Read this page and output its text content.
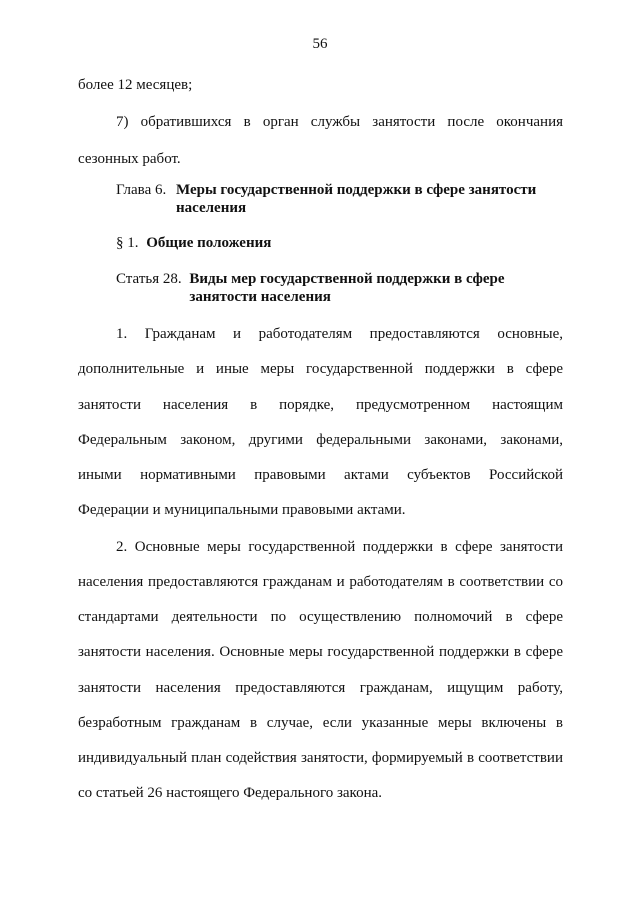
56
более 12 месяцев;
7) обратившихся в орган службы занятости после окончания
сезонных работ.
Глава 6. Меры государственной поддержки в сфере занятости
населения
§ 1. Общие положения
Статья 28. Виды мер государственной поддержки в сфере
занятости населения
1. Гражданам и работодателям предоставляются основные,
дополнительные и иные меры государственной поддержки в сфере
занятости населения в порядке, предусмотренном настоящим
Федеральным законом, другими федеральными законами, законами,
иными нормативными правовыми актами субъектов Российской
Федерации и муниципальными правовыми актами.
2. Основные меры государственной поддержки в сфере занятости
населения предоставляются гражданам и работодателям в соответствии со
стандартами деятельности по осуществлению полномочий в сфере
занятости населения. Основные меры государственной поддержки в сфере
занятости населения предоставляются гражданам, ищущим работу,
безработным гражданам в случае, если указанные меры включены в
индивидуальный план содействия занятости, формируемый в соответствии
со статьей 26 настоящего Федерального закона.
